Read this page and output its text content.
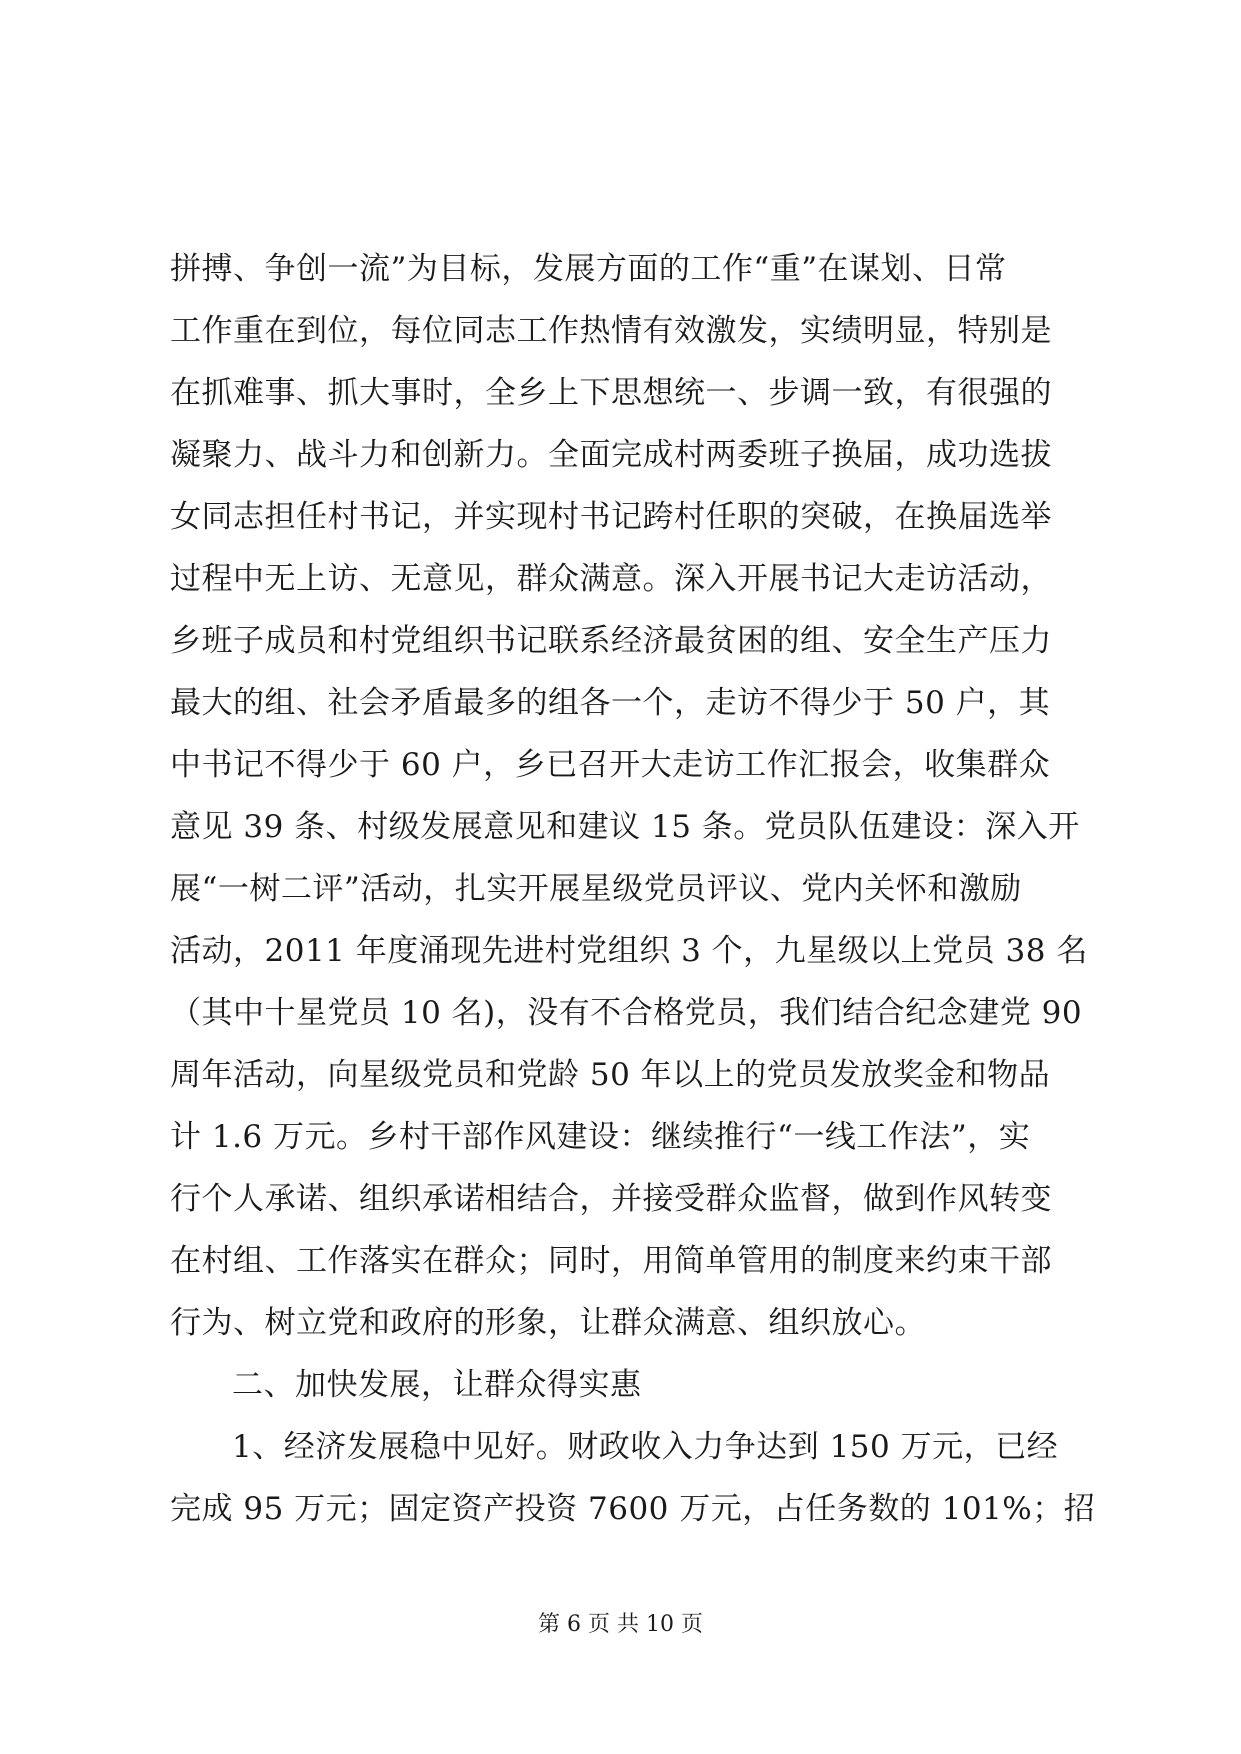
拼搏、争创一流”为目标，发展方面的工作“重”在谋划、日常
工作重在到位，每位同志工作热情有效激发，实绩明显，特别是
在抓难事、抓大事时，全乡上下思想统一、步调一致，有很强的
凝聚力、战斗力和创新力。全面完成村两委班子换届，成功选拔
女同志担任村书记，并实现村书记跨村任职的突破，在换届选举
过程中无上访、无意见，群众满意。深入开展书记大走访活动，
乡班子成员和村党组织书记联系经济最贫困的组、安全生产压力
最大的组、社会矛盾最多的组各一个，走访不得少于 50 户，其
中书记不得少于 60 户，乡已召开大走访工作汇报会，收集群众
意见 39 条、村级发展意见和建议 15 条。党员队伍建设：深入开
展“一树二评”活动，扎实开展星级党员评议、党内关怀和激励
活动，2011 年度涌现先进村党组织 3 个，九星级以上党员 38 名
（其中十星党员 10 名)，没有不合格党员，我们结合纪念建党 90
周年活动，向星级党员和党龄 50 年以上的党员发放奖金和物品
计 1.6 万元。乡村干部作风建设：继续推行“一线工作法”，实
行个人承诺、组织承诺相结合，并接受群众监督，做到作风转变
在村组、工作落实在群众；同时，用简单管用的制度来约束干部
行为、树立党和政府的形象，让群众满意、组织放心。
二、加快发展，让群众得实惠
1、经济发展稳中见好。财政收入力争达到 150 万元，已经
完成 95 万元；固定资产投资 7600 万元，占任务数的 101%；招
第 6 页 共 10 页
